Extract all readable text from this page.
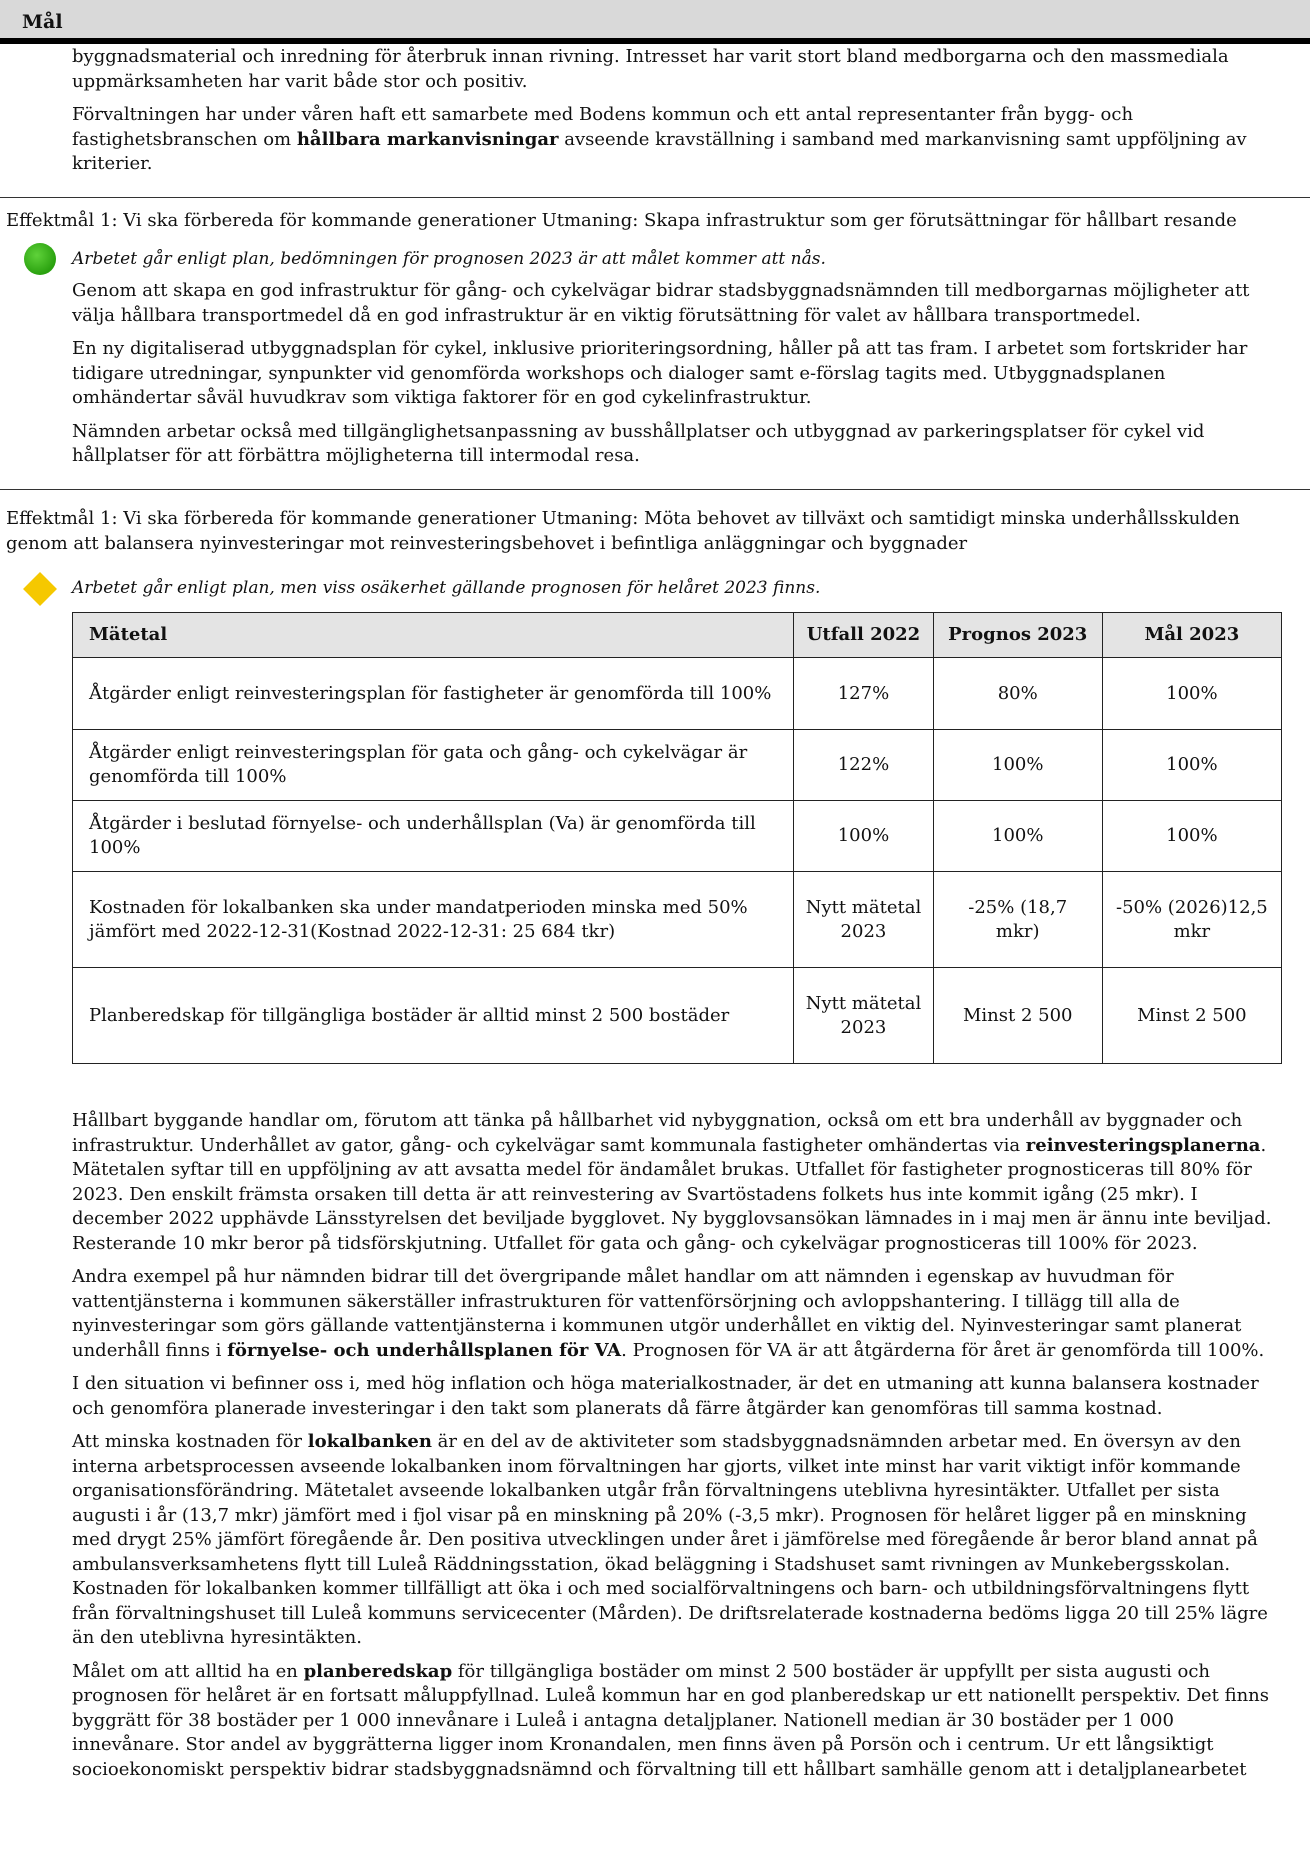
Mål

byggnadsmaterial och inredning för återbruk innan rivning. Intresset har varit stort bland medborgarna och den massmediala uppmärksamheten har varit både stor och positiv.

Förvaltningen har under våren haft ett samarbete med Bodens kommun och ett antal representanter från bygg- och fastighetsbranschen om hållbara markanvisningar avseende kravställning i samband med markanvisning samt uppföljning av kriterier.

Effektmål 1: Vi ska förbereda för kommande generationer Utmaning: Skapa infrastruktur som ger förutsättningar för hållbart resande
Arbetet går enligt plan, bedömningen för prognosen 2023 är att målet kommer att nås.

Genom att skapa en god infrastruktur för gång- och cykelvägar bidrar stadsbyggnadsnämnden till medborgarnas möjligheter att välja hållbara transportmedel då en god infrastruktur är en viktig förutsättning för valet av hållbara transportmedel.

En ny digitaliserad utbyggnadsplan för cykel, inklusive prioriteringsordning, håller på att tas fram. I arbetet som fortskrider har tidigare utredningar, synpunkter vid genomförda workshops och dialoger samt e-förslag tagits med. Utbyggnadsplanen omhändertar såväl huvudkrav som viktiga faktorer för en god cykelinfrastruktur.

Nämnden arbetar också med tillgänglighetsanpassning av busshållplatser och utbyggnad av parkeringsplatser för cykel vid hållplatser för att förbättra möjligheterna till intermodal resa.

Effektmål 1: Vi ska förbereda för kommande generationer Utmaning: Möta behovet av tillväxt och samtidigt minska underhållsskulden genom att balansera nyinvesteringar mot reinvesteringsbehovet i befintliga anläggningar och byggnader
Arbetet går enligt plan, men viss osäkerhet gällande prognosen för helåret 2023 finns.
Mätetal	Utfall 2022	Prognos 2023	Mål 2023
Åtgärder enligt reinvesteringsplan för fastigheter är genomförda till 100%	127%	80%	100%
Åtgärder enligt reinvesteringsplan för gata och gång- och cykelvägar är genomförda till 100%	122%	100%	100%
Åtgärder i beslutad förnyelse- och underhållsplan (Va) är genomförda till 100%	100%	100%	100%
Kostnaden för lokalbanken ska under mandatperioden minska med 50% jämfört med 2022-12-31(Kostnad 2022-12-31: 25 684 tkr)	Nytt mätetal 2023	-25% (18,7 mkr)	-50% (2026)12,5 mkr
Planberedskap för tillgängliga bostäder är alltid minst 2 500 bostäder	Nytt mätetal 2023	Minst 2 500	Minst 2 500

Hållbart byggande handlar om, förutom att tänka på hållbarhet vid nybyggnation, också om ett bra underhåll av byggnader och infrastruktur. Underhållet av gator, gång- och cykelvägar samt kommunala fastigheter omhändertas via reinvesteringsplanerna. Mätetalen syftar till en uppföljning av att avsatta medel för ändamålet brukas. Utfallet för fastigheter prognosticeras till 80% för 2023. Den enskilt främsta orsaken till detta är att reinvestering av Svartöstadens folkets hus inte kommit igång (25 mkr). I december 2022 upphävde Länsstyrelsen det beviljade bygglovet. Ny bygglovsansökan lämnades in i maj men är ännu inte beviljad. Resterande 10 mkr beror på tidsförskjutning. Utfallet för gata och gång- och cykelvägar prognosticeras till 100% för 2023.

Andra exempel på hur nämnden bidrar till det övergripande målet handlar om att nämnden i egenskap av huvudman för vattentjänsterna i kommunen säkerställer infrastrukturen för vattenförsörjning och avloppshantering. I tillägg till alla de nyinvesteringar som görs gällande vattentjänsterna i kommunen utgör underhållet en viktig del. Nyinvesteringar samt planerat underhåll finns i förnyelse- och underhållsplanen för VA. Prognosen för VA är att åtgärderna för året är genomförda till 100%.

I den situation vi befinner oss i, med hög inflation och höga materialkostnader, är det en utmaning att kunna balansera kostnader och genomföra planerade investeringar i den takt som planerats då färre åtgärder kan genomföras till samma kostnad.

Att minska kostnaden för lokalbanken är en del av de aktiviteter som stadsbyggnadsnämnden arbetar med. En översyn av den interna arbetsprocessen avseende lokalbanken inom förvaltningen har gjorts, vilket inte minst har varit viktigt inför kommande organisationsförändring. Mätetalet avseende lokalbanken utgår från förvaltningens uteblivna hyresintäkter. Utfallet per sista augusti i år (13,7 mkr) jämfört med i fjol visar på en minskning på 20% (-3,5 mkr). Prognosen för helåret ligger på en minskning med drygt 25% jämfört föregående år. Den positiva utvecklingen under året i jämförelse med föregående år beror bland annat på ambulansverksamhetens flytt till Luleå Räddningsstation, ökad beläggning i Stadshuset samt rivningen av Munkebergsskolan. Kostnaden för lokalbanken kommer tillfälligt att öka i och med socialförvaltningens och barn- och utbildningsförvaltningens flytt från förvaltningshuset till Luleå kommuns servicecenter (Mården). De driftsrelaterade kostnaderna bedöms ligga 20 till 25% lägre än den uteblivna hyresintäkten.

Målet om att alltid ha en planberedskap för tillgängliga bostäder om minst 2 500 bostäder är uppfyllt per sista augusti och prognosen för helåret är en fortsatt måluppfyllnad. Luleå kommun har en god planberedskap ur ett nationellt perspektiv. Det finns byggrätt för 38 bostäder per 1 000 innevånare i Luleå i antagna detaljplaner. Nationell median är 30 bostäder per 1 000 innevånare. Stor andel av byggrätterna ligger inom Kronandalen, men finns även på Porsön och i centrum. Ur ett långsiktigt socioekonomiskt perspektiv bidrar stadsbyggnadsnämnd och förvaltning till ett hållbart samhälle genom att i detaljplanearbetet
